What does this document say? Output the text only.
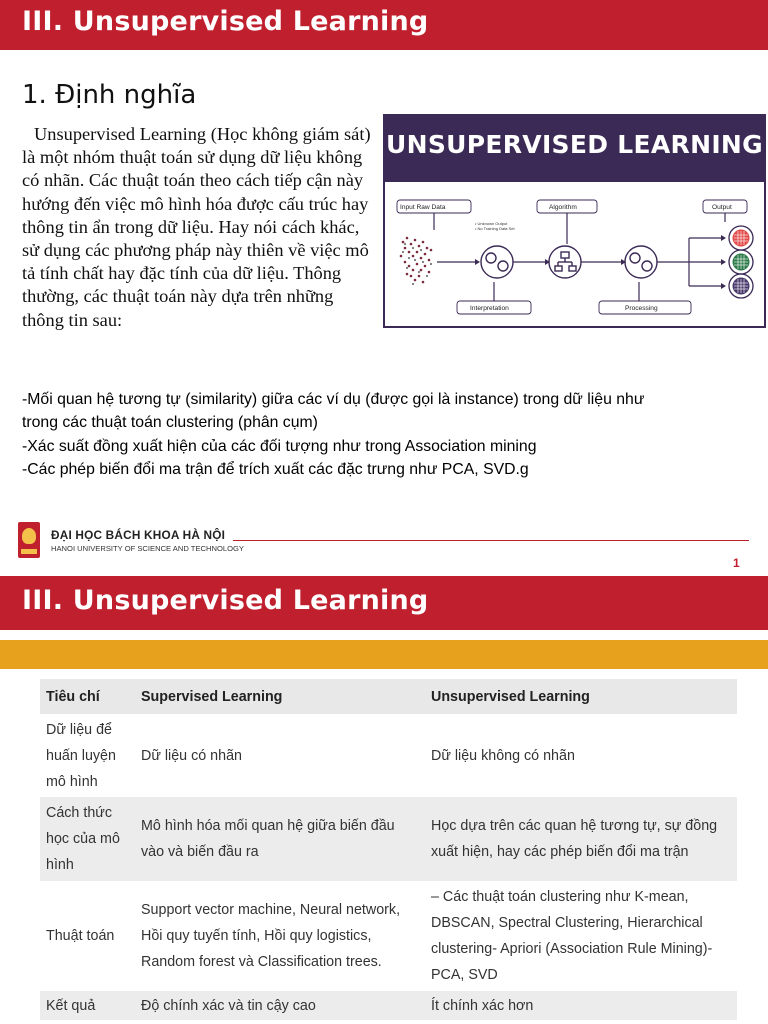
III. Unsupervised Learning
1. Định nghĩa
Unsupervised Learning (Học không giám sát) là một nhóm thuật toán sử dụng dữ liệu không có nhãn. Các thuật toán theo cách tiếp cận này hướng đến việc mô hình hóa được cấu trúc hay thông tin ẩn trong dữ liệu. Hay nói cách khác, sử dụng các phương pháp này thiên về việc mô tả tính chất hay đặc tính của dữ liệu. Thông thường, các thuật toán này dựa trên những thông tin sau:
UNSUPERVISED LEARNING
Input Raw Data	Algorithm	Output
Interpretation	Processing
• Unknown Output
• No Training Data Set
-Mối quan hệ tương tự (similarity) giữa các ví dụ (được gọi là instance) trong dữ liệu như trong các thuật toán clustering (phân cụm)
-Xác suất đồng xuất hiện của các đối tượng như trong Association mining
-Các phép biến đổi ma trận để trích xuất các đặc trưng như PCA, SVD.g
ĐẠI HỌC BÁCH KHOA HÀ NỘI
HANOI UNIVERSITY OF SCIENCE AND TECHNOLOGY
1
III. Unsupervised Learning
Tiêu chí	Supervised Learning	Unsupervised Learning
Dữ liệu để huấn luyện mô hình	Dữ liệu có nhãn	Dữ liệu không có nhãn
Cách thức học của mô hình	Mô hình hóa mối quan hệ giữa biến đầu vào và biến đầu ra	Học dựa trên các quan hệ tương tự, sự đồng xuất hiện, hay các phép biến đổi ma trận
Thuật toán	Support vector machine, Neural network, Hồi quy tuyến tính, Hồi quy logistics, Random forest và Classification trees.	– Các thuật toán clustering như K-mean, DBSCAN, Spectral Clustering, Hierarchical clustering- Apriori (Association Rule Mining)- PCA, SVD
Kết quả	Độ chính xác và tin cậy cao	Ít chính xác hơn
